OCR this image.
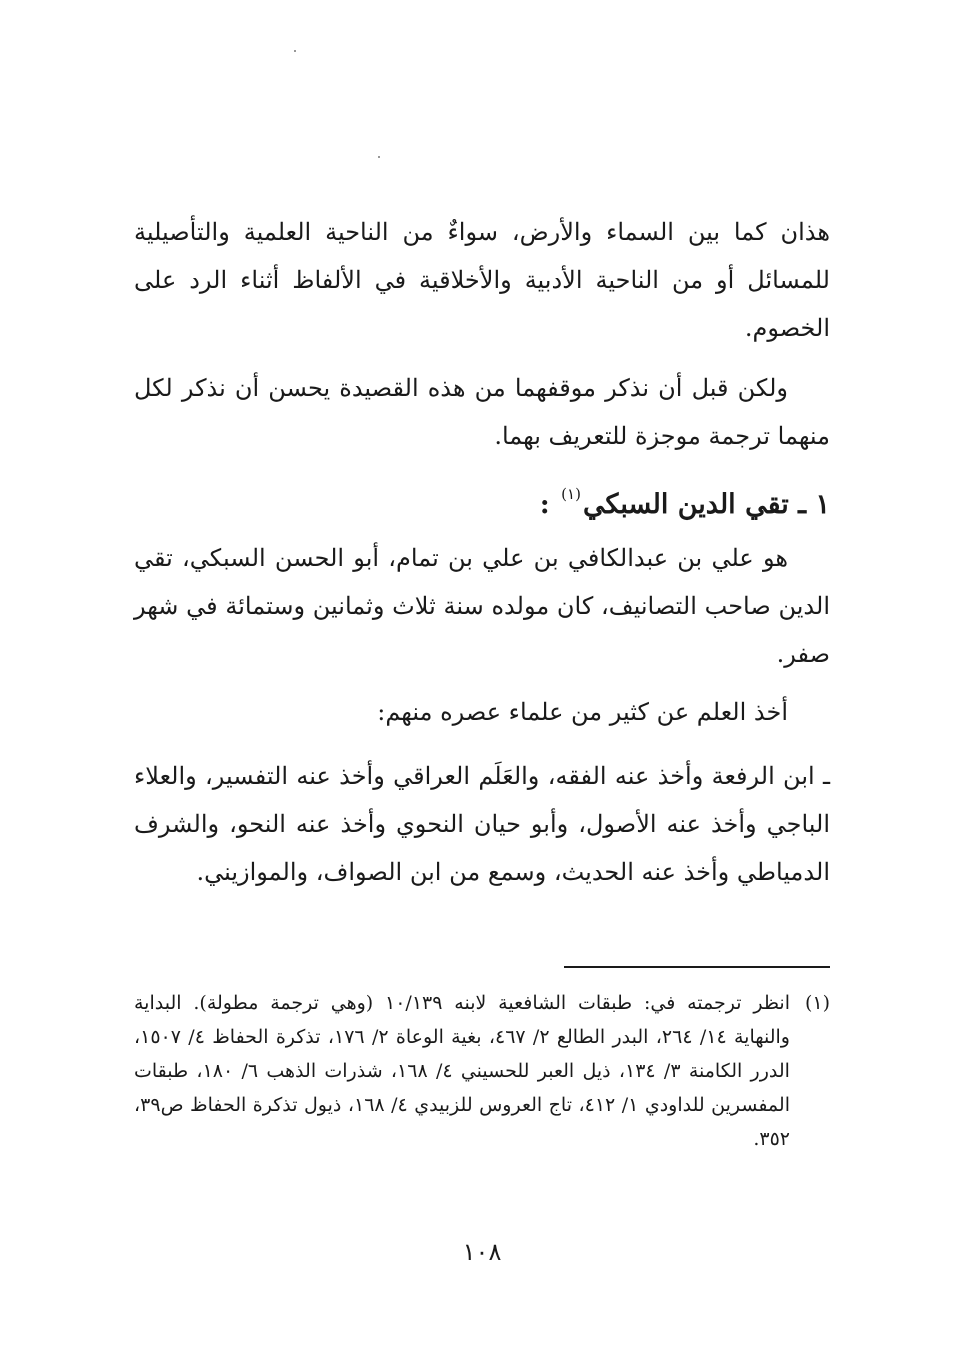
هذان كما بين السماء والأرض، سواءٌ من الناحية العلمية والتأصيلية للمسائل أو من الناحية الأدبية والأخلاقية في الألفاظ أثناء الرد على الخصوم.

ولكن قبل أن نذكر موقفهما من هذه القصيدة يحسن أن نذكر لكل منهما ترجمة موجزة للتعريف بهما.

١ ـ تقي الدين السبكي$^{(١)}$ :

هو علي بن عبدالكافي بن علي بن تمام، أبو الحسن السبكي، تقي الدين صاحب التصانيف، كان مولده سنة ثلاث وثمانين وستمائة في شهر صفر.

أخذ العلم عن كثير من علماء عصره منهم:

ـ ابن الرفعة وأخذ عنه الفقه، والعَلَم العراقي وأخذ عنه التفسير، والعلاء الباجي وأخذ عنه الأصول، وأبو حيان النحوي وأخذ عنه النحو، والشرف الدمياطي وأخذ عنه الحديث، وسمع من ابن الصواف، والموازيني.

(١)
انظر ترجمته في: طبقات الشافعية لابنه ١٠/١٣٩ (وهي ترجمة مطولة). البداية والنهاية ١٤/ ٢٦٤، البدر الطالع ٢/ ٤٦٧، بغية الوعاة ٢/ ١٧٦، تذكرة الحفاظ ٤/ ١٥٠٧، الدرر الكامنة ٣/ ١٣٤، ذيل العبر للحسيني ٤/ ١٦٨، شذرات الذهب ٦/ ١٨٠، طبقات المفسرين للداودي ١/ ٤١٢، تاج العروس للزبيدي ٤/ ١٦٨، ذيول تذكرة الحفاظ ص٣٩، ٣٥٢.
١٠٨
